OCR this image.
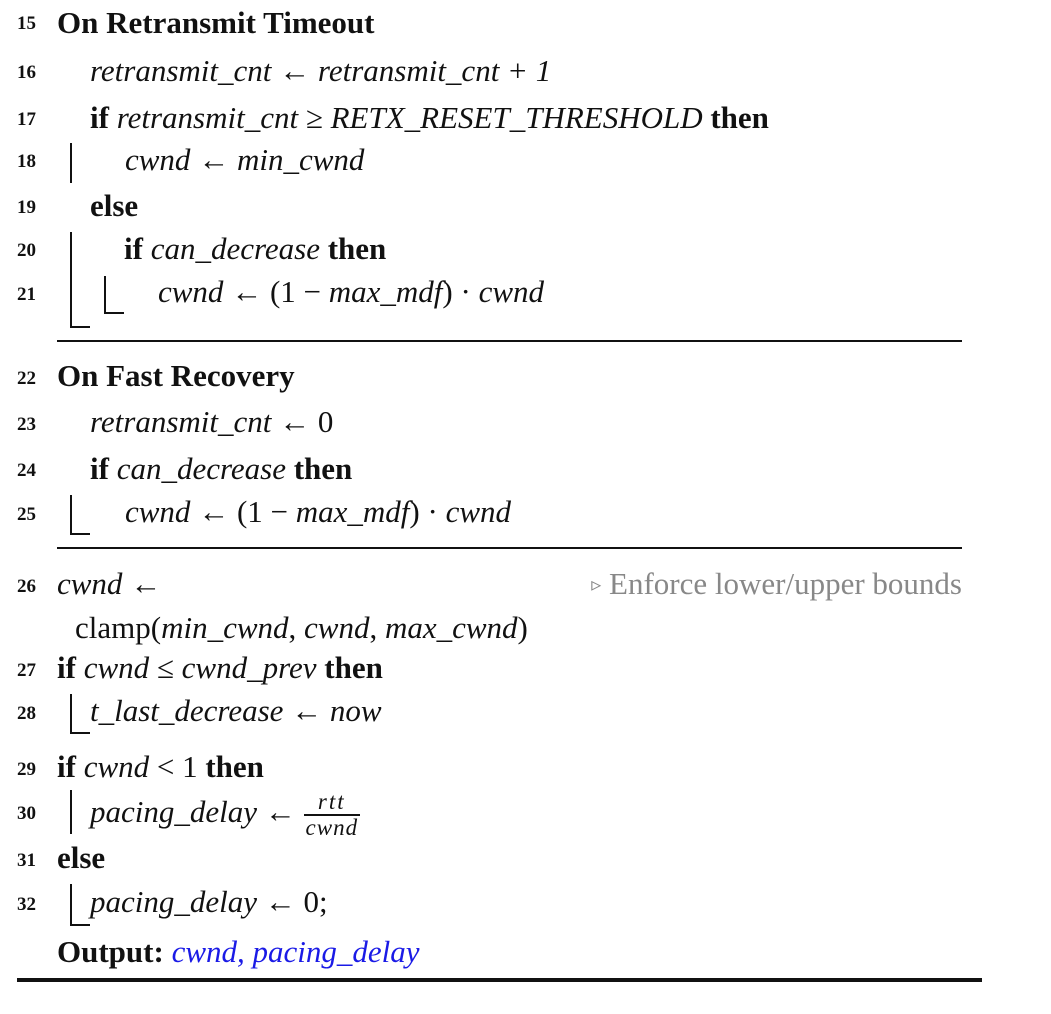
15 On Retransmit Timeout
16 retransmit_cnt ← retransmit_cnt + 1
17 if retransmit_cnt ≥ RETX_RESET_THRESHOLD then
18	cwnd ← min_cwnd
19 else
20	if can_decrease then
21	cwnd ← (1 − max_mdf) · cwnd
22 On Fast Recovery
23 retransmit_cnt ← 0
24 if can_decrease then
25	cwnd ← (1 − max_mdf) · cwnd
26 cwnd ←	▹ Enforce lower/upper bounds
clamp(min_cwnd, cwnd, max_cwnd)
27 if cwnd ≤ cwnd_prev then
28 t_last_decrease ← now
29 if cwnd < 1 then
30 pacing_delay ← $\frac{\text{rtt}}{\text{cwnd}}$
31 else
32 pacing_delay ← 0;
Output: cwnd, pacing_delay
